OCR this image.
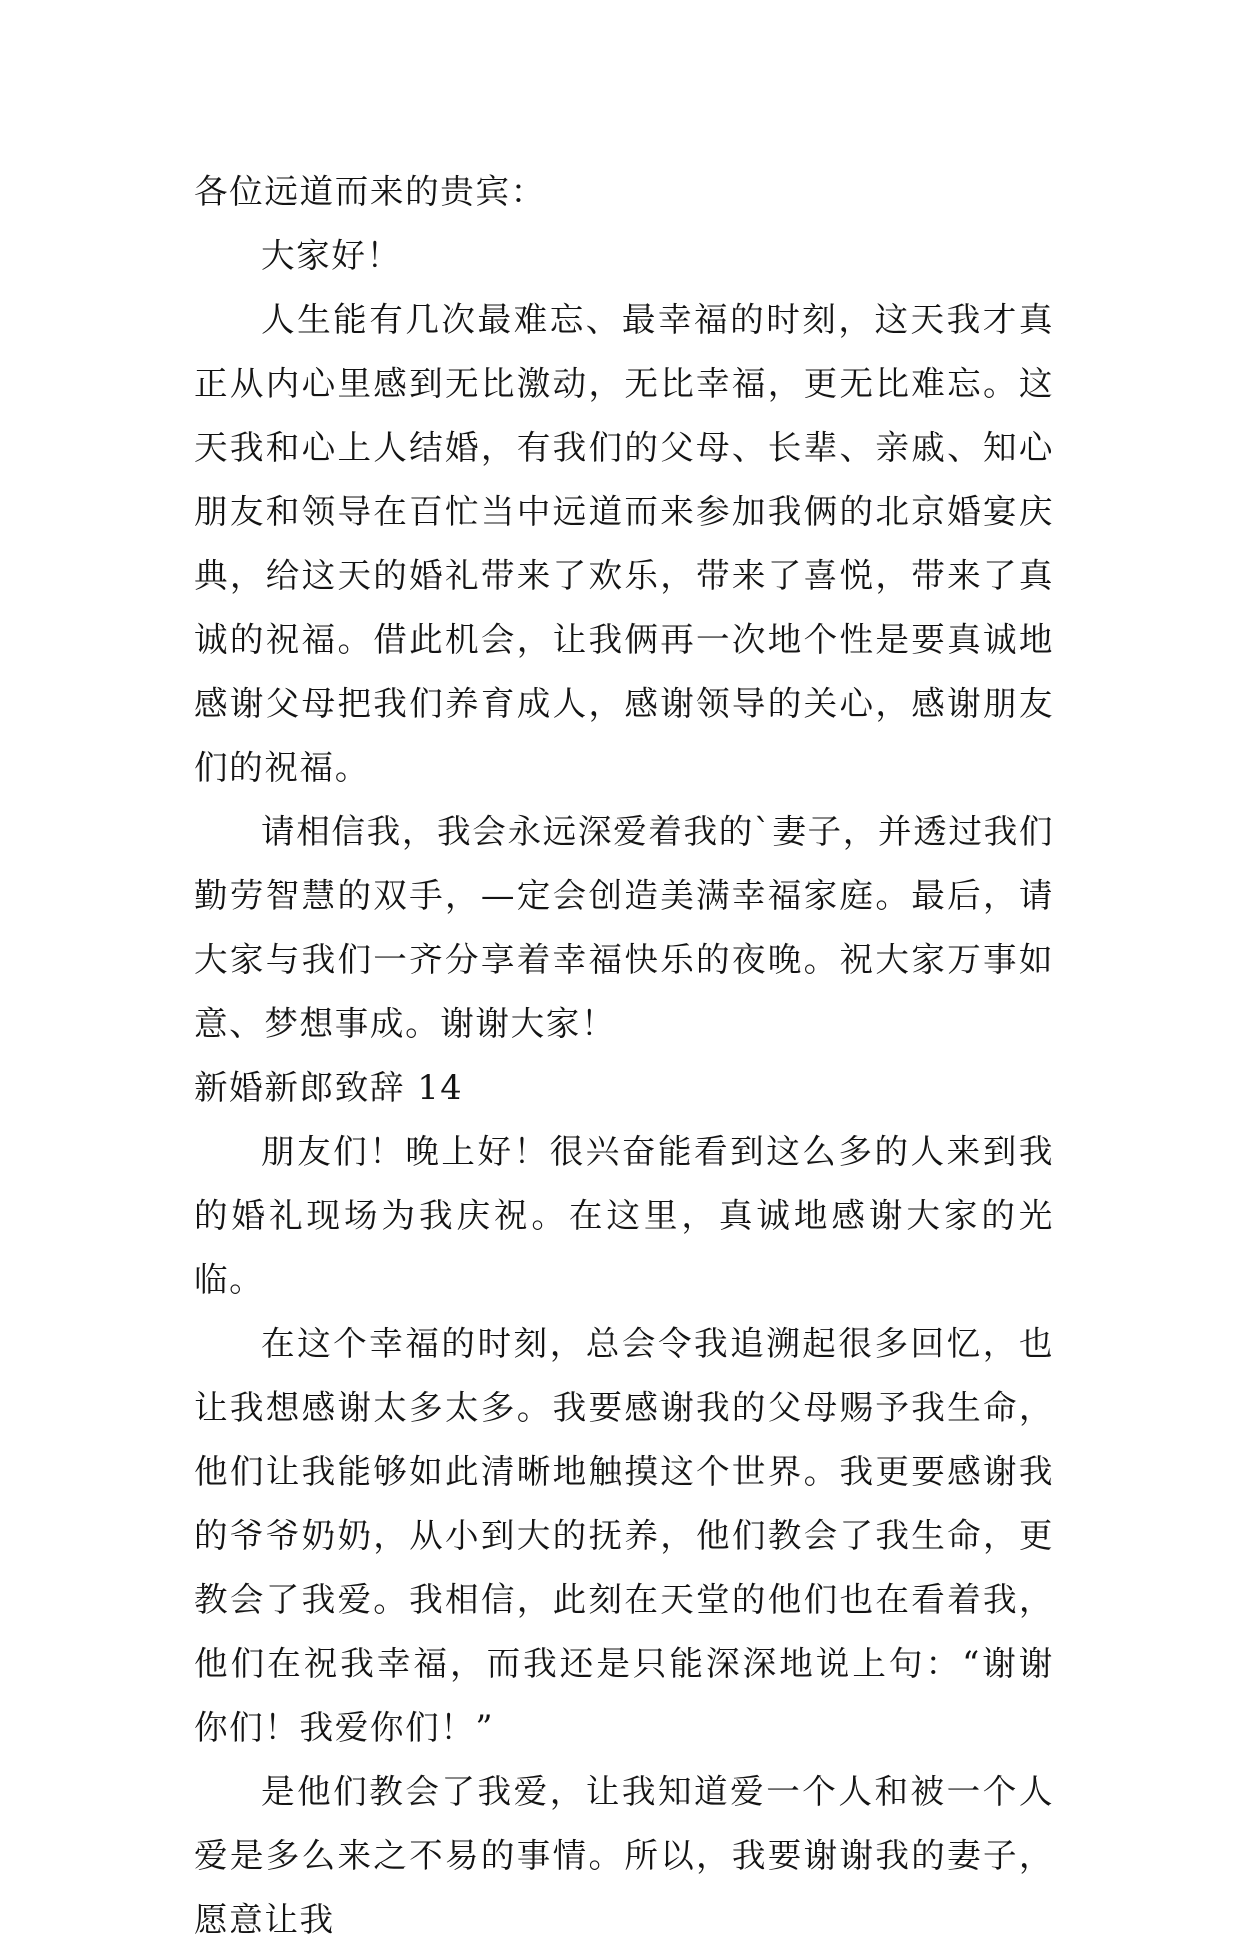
各位远道而来的贵宾：

大家好！

人生能有几次最难忘、最幸福的时刻，这天我才真正从内心里感到无比激动，无比幸福，更无比难忘。这天我和心上人结婚，有我们的父母、长辈、亲戚、知心朋友和领导在百忙当中远道而来参加我俩的北京婚宴庆典，给这天的婚礼带来了欢乐，带来了喜悦，带来了真诚的祝福。借此机会，让我俩再一次地个性是要真诚地感谢父母把我们养育成人，感谢领导的关心，感谢朋友们的祝福。

请相信我，我会永远深爱着我的`妻子，并透过我们勤劳智慧的双手，—定会创造美满幸福家庭。最后，请大家与我们一齐分享着幸福快乐的夜晚。祝大家万事如意、梦想事成。谢谢大家！

新婚新郎致辞 14

朋友们！晚上好！很兴奋能看到这么多的人来到我的婚礼现场为我庆祝。在这里，真诚地感谢大家的光临。

在这个幸福的时刻，总会令我追溯起很多回忆，也让我想感谢太多太多。我要感谢我的父母赐予我生命，他们让我能够如此清晰地触摸这个世界。我更要感谢我的爷爷奶奶，从小到大的抚养，他们教会了我生命，更教会了我爱。我相信，此刻在天堂的他们也在看着我，他们在祝我幸福，而我还是只能深深地说上句：“谢谢你们！我爱你们！”

是他们教会了我爱，让我知道爱一个人和被一个人爱是多么来之不易的事情。所以，我要谢谢我的妻子，愿意让我
